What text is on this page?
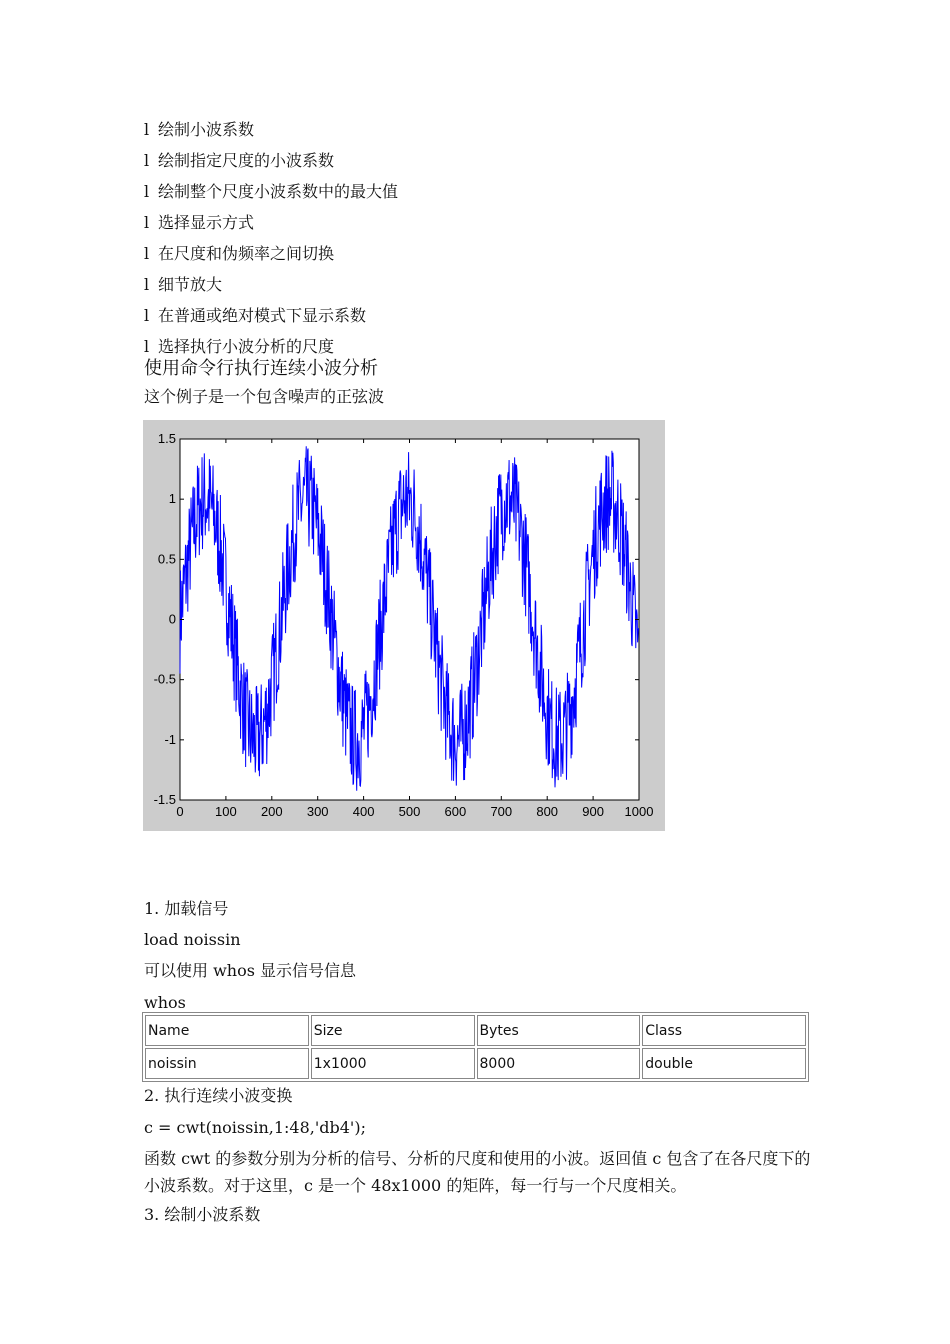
l 绘制小波系数
l 绘制指定尺度的小波系数
l 绘制整个尺度小波系数中的最大值
l 选择显示方式
l 在尺度和伪频率之间切换
l 细节放大
l 在普通或绝对模式下显示系数
l 选择执行小波分析的尺度
使用命令行执行连续小波分析
这个例子是一个包含噪声的正弦波
0 100 200 300 400 500 600 700 800 900 1000
1.5
1
0.5
0
-0.5
-1
-1.5
1. 加载信号
load noissin
可以使用 whos 显示信号信息
whos
Name	Size	Bytes	Class
noissin	1x1000	8000	double
2. 执行连续小波变换
c = cwt(noissin,1:48,'db4');
函数 cwt 的参数分别为分析的信号、分析的尺度和使用的小波。返回值 c 包含了在各尺度下的小波系数。对于这里，c 是一个 48x1000 的矩阵，每一行与一个尺度相关。
3. 绘制小波系数
